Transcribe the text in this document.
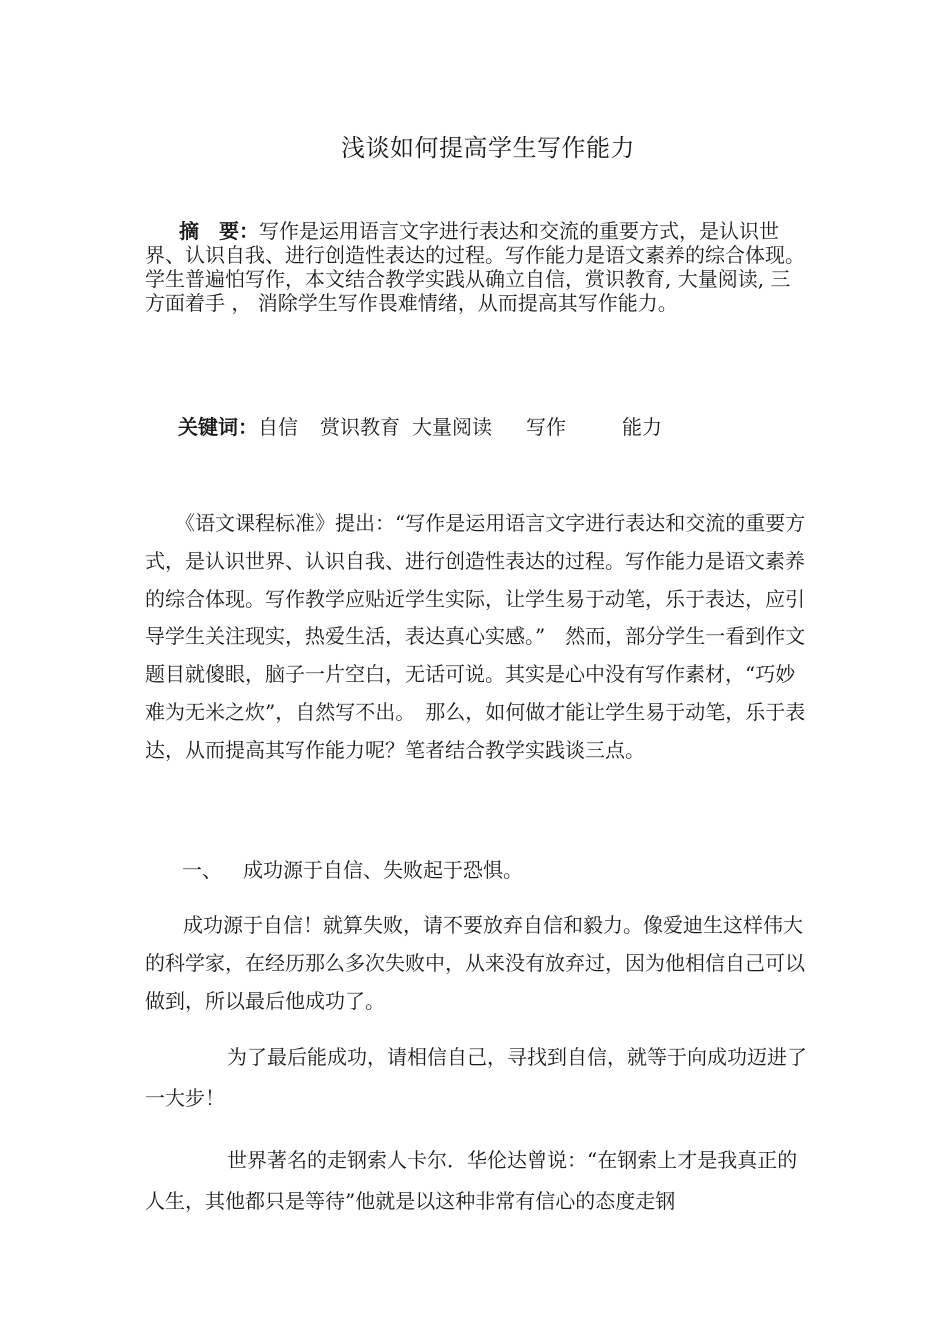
浅谈如何提高学生写作能力

摘 要：写作是运用语言文字进行表达和交流的重要方式，是认识世界、认识自我、进行创造性表达的过程。写作能力是语文素养的综合体现。学生普遍怕写作，本文结合教学实践从确立自信，赏识教育, 大量阅读, 三方面着手 ， 消除学生写作畏难情绪，从而提高其写作能力。

关键词：自信 赏识教育 大量阅读 写作	能力

《语文课程标准》提出：“写作是运用语言文字进行表达和交流的重要方式，是认识世界、认识自我、进行创造性表达的过程。写作能力是语文素养的综合体现。写作教学应贴近学生实际，让学生易于动笔，乐于表达，应引导学生关注现实，热爱生活，表达真心实感。”　然而，部分学生一看到作文题目就傻眼，脑子一片空白，无话可说。其实是心中没有写作素材，“巧妙难为无米之炊”，自然写不出。　那么，如何做才能让学生易于动笔，乐于表达，从而提高其写作能力呢？笔者结合教学实践谈三点。

一、 成功源于自信、失败起于恐惧。

成功源于自信！就算失败，请不要放弃自信和毅力。像爱迪生这样伟大的科学家，在经历那么多次失败中，从来没有放弃过，因为他相信自己可以做到，所以最后他成功了。

为了最后能成功，请相信自己，寻找到自信，就等于向成功迈进了一大步！

世界著名的走钢索人卡尔．华伦达曾说：“在钢索上才是我真正的人生，其他都只是等待”他就是以这种非常有信心的态度走钢
